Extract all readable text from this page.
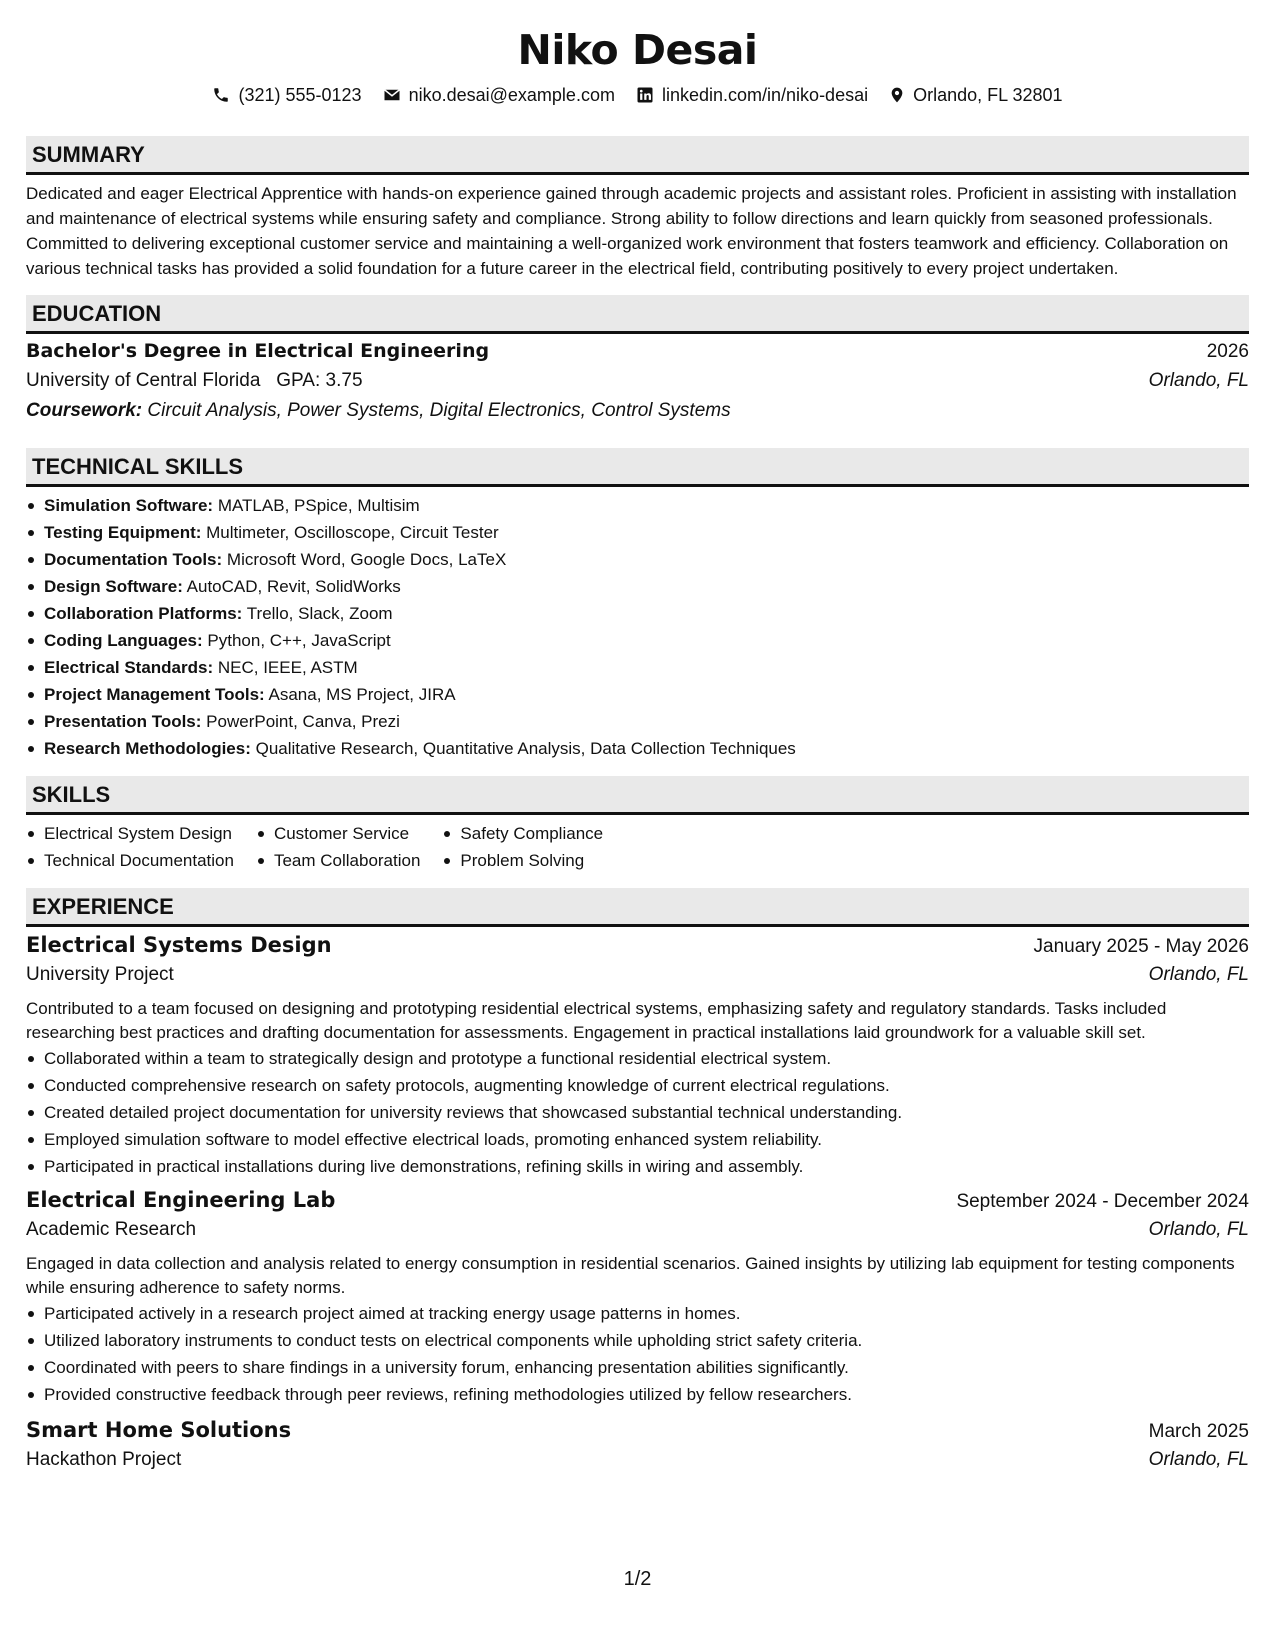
Niko Desai
(321) 555-0123	niko.desai@example.com	linkedin.com/in/niko-desai	Orlando, FL 32801
SUMMARY

Dedicated and eager Electrical Apprentice with hands-on experience gained through academic projects and assistant roles. Proficient in assisting with installation and maintenance of electrical systems while ensuring safety and compliance. Strong ability to follow directions and learn quickly from seasoned professionals. Committed to delivering exceptional customer service and maintaining a well-organized work environment that fosters teamwork and efficiency. Collaboration on various technical tasks has provided a solid foundation for a future career in the electrical field, contributing positively to every project undertaken.

EDUCATION
Bachelor's Degree in Electrical Engineering	2026
University of Central Florida GPA: 3.75	Orlando, FL
Coursework: Circuit Analysis, Power Systems, Digital Electronics, Control Systems
TECHNICAL SKILLS
Simulation Software: MATLAB, PSpice, Multisim
Testing Equipment: Multimeter, Oscilloscope, Circuit Tester
Documentation Tools: Microsoft Word, Google Docs, LaTeX
Design Software: AutoCAD, Revit, SolidWorks
Collaboration Platforms: Trello, Slack, Zoom
Coding Languages: Python, C++, JavaScript
Electrical Standards: NEC, IEEE, ASTM
Project Management Tools: Asana, MS Project, JIRA
Presentation Tools: PowerPoint, Canva, Prezi
Research Methodologies: Qualitative Research, Quantitative Analysis, Data Collection Techniques
SKILLS
Electrical System Design
Technical Documentation
Customer Service
Team Collaboration
Safety Compliance
Problem Solving
EXPERIENCE
Electrical Systems Design	January 2025 - May 2026
University Project	Orlando, FL

Contributed to a team focused on designing and prototyping residential electrical systems, emphasizing safety and regulatory standards. Tasks included researching best practices and drafting documentation for assessments. Engagement in practical installations laid groundwork for a valuable skill set.

Collaborated within a team to strategically design and prototype a functional residential electrical system.
Conducted comprehensive research on safety protocols, augmenting knowledge of current electrical regulations.
Created detailed project documentation for university reviews that showcased substantial technical understanding.
Employed simulation software to model effective electrical loads, promoting enhanced system reliability.
Participated in practical installations during live demonstrations, refining skills in wiring and assembly.
Electrical Engineering Lab	September 2024 - December 2024
Academic Research	Orlando, FL

Engaged in data collection and analysis related to energy consumption in residential scenarios. Gained insights by utilizing lab equipment for testing components while ensuring adherence to safety norms.

Participated actively in a research project aimed at tracking energy usage patterns in homes.
Utilized laboratory instruments to conduct tests on electrical components while upholding strict safety criteria.
Coordinated with peers to share findings in a university forum, enhancing presentation abilities significantly.
Provided constructive feedback through peer reviews, refining methodologies utilized by fellow researchers.
Smart Home Solutions	March 2025
Hackathon Project	Orlando, FL
1/2
